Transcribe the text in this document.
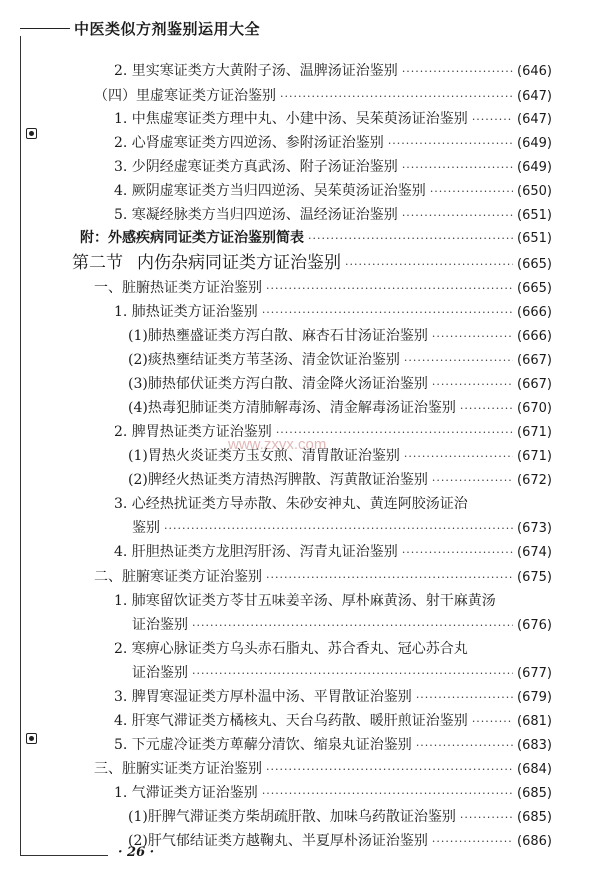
中医类似方剂鉴别运用大全
www.zxyx.com
2. 里实寒证类方大黄附子汤、温脾汤证治鉴别 ·····	(646)
（四）里虚寒证类方证治鉴别 ·····	(647)
1. 中焦虚寒证类方理中丸、小建中汤、吴茱萸汤证治鉴别 ·····	(647)
2. 心肾虚寒证类方四逆汤、参附汤证治鉴别 ·····	(649)
3. 少阴经虚寒证类方真武汤、附子汤证治鉴别 ·····	(649)
4. 厥阴虚寒证类方当归四逆汤、吴茱萸汤证治鉴别 ·····	(650)
5. 寒凝经脉类方当归四逆汤、温经汤证治鉴别 ·····	(651)
附：外感疾病同证类方证治鉴别简表 ·····	(651)
第二节 内伤杂病同证类方证治鉴别 ·····	(665)
一、脏腑热证类方证治鉴别 ·····	(665)
1. 肺热证类方证治鉴别 ·····	(666)
(1)肺热壅盛证类方泻白散、麻杏石甘汤证治鉴别 ·····	(666)
(2)痰热壅结证类方苇茎汤、清金饮证治鉴别 ·····	(667)
(3)肺热郁伏证类方泻白散、清金降火汤证治鉴别 ·····	(667)
(4)热毒犯肺证类方清肺解毒汤、清金解毒汤证治鉴别 ·····	(670)
2. 脾胃热证类方证治鉴别 ·····	(671)
(1)胃热火炎证类方玉女煎、清胃散证治鉴别 ·····	(671)
(2)脾经火热证类方清热泻脾散、泻黄散证治鉴别 ·····	(672)
3. 心经热扰证类方导赤散、朱砂安神丸、黄连阿胶汤证治
鉴别 ·····	(673)
4. 肝胆热证类方龙胆泻肝汤、泻青丸证治鉴别 ·····	(674)
二、脏腑寒证类方证治鉴别 ·····	(675)
1. 肺寒留饮证类方苓甘五味姜辛汤、厚朴麻黄汤、射干麻黄汤
证治鉴别 ·····	(676)
2. 寒痹心脉证类方乌头赤石脂丸、苏合香丸、冠心苏合丸
证治鉴别 ·····	(677)
3. 脾胃寒湿证类方厚朴温中汤、平胃散证治鉴别 ·····	(679)
4. 肝寒气滞证类方橘核丸、天台乌药散、暖肝煎证治鉴别 ·····	(681)
5. 下元虚冷证类方萆薢分清饮、缩泉丸证治鉴别 ·····	(683)
三、脏腑实证类方证治鉴别 ·····	(684)
1. 气滞证类方证治鉴别 ·····	(685)
(1)肝脾气滞证类方柴胡疏肝散、加味乌药散证治鉴别 ·····	(685)
(2)肝气郁结证类方越鞠丸、半夏厚朴汤证治鉴别 ·····	(686)
· 26 ·
